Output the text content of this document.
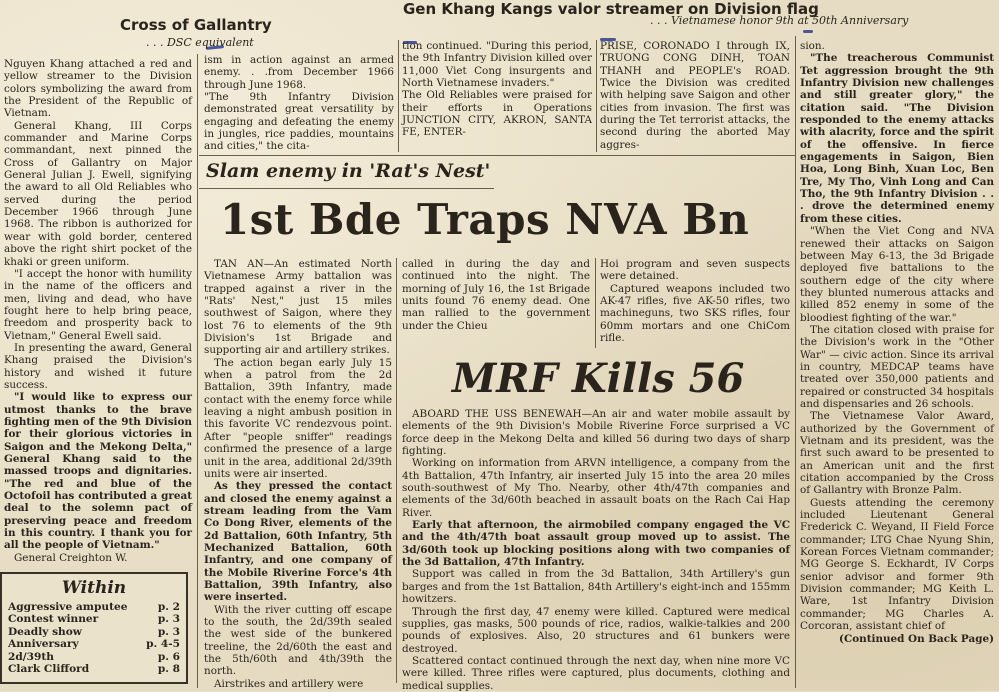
Cross of Gallantry
. . . DSC equivalent
Gen Khang Kangs valor streamer on Division flag
. . . Vietnamese honor 9th at 50th Anniversary

Nguyen Khang attached a red and yellow streamer to the Division colors symbolizing the award from the President of the Republic of Vietnam.

General Khang, III Corps commander and Marine Corps commandant, next pinned the Cross of Gallantry on Major General Julian J. Ewell, signifying the award to all Old Reliables who served during the period December 1966 through June 1968. The ribbon is authorized for wear with gold border, centered above the right shirt pocket of the khaki or green uniform.

"I accept the honor with humility in the name of the officers and men, living and dead, who have fought here to help bring peace, freedom and prosperity back to Vietnam," General Ewell said.

In presenting the award, General Khang praised the Division's history and wished it future success.

"I would like to express our utmost thanks to the brave fighting men of the 9th Division for their glorious victories in Saigon and the Mekong Delta," General Khang said to the massed troops and dignitaries. "The red and blue of the Octofoil has contributed a great deal to the solemn pact of preserving peace and freedom in this country. I thank you for all the people of Vietnam."

General Creighton W.

Within
Aggressive amputee	p. 2
Contest winner	p. 3
Deadly show	p. 3
Anniversary	p. 4-5
2d/39th	p. 6
Clark Clifford	p. 8

ism in action against an armed enemy. . .from December 1966 through June 1968.
"The 9th Infantry Division demonstrated great versatility by engaging and defeating the enemy in jungles, rice paddies, mountains and cities," the cita-

tion continued. "During this period, the 9th Infantry Division killed over 11,000 Viet Cong insurgents and North Vietnamese invaders."
The Old Reliables were praised for their efforts in Operations JUNCTION CITY, AKRON, SANTA FE, ENTER-

PRISE, CORONADO I through IX, TRUONG CONG DINH, TOAN THANH and PEOPLE's ROAD. Twice the Division was credited with helping save Saigon and other cities from invasion. The first was during the Tet terrorist attacks, the second during the aborted May aggres-

sion.

"The treacherous Communist Tet aggression brought the 9th Infantry Division new challenges and still greater glory," the citation said. "The Division responded to the enemy attacks with alacrity, force and the spirit of the offensive. In fierce engagements in Saigon, Bien Hoa, Long Binh, Xuan Loc, Ben Tre, My Tho, Vinh Long and Can Tho, the 9th Infantry Division . . . drove the determined enemy from these cities.

"When the Viet Cong and NVA renewed their attacks on Saigon between May 6-13, the 3d Brigade deployed five battalions to the southern edge of the city where they blunted numerous attacks and killed 852 enemy in some of the bloodiest fighting of the war."

The citation closed with praise for the Division's work in the "Other War" — civic action. Since its arrival in country, MEDCAP teams have treated over 350,000 patients and repaired or constructed 34 hospitals and dispensaries and 26 schools.

The Vietnamese Valor Award, authorized by the Government of Vietnam and its president, was the first such award to be presented to an American unit and the first citation accompanied by the Cross of Gallantry with Bronze Palm.

Guests attending the ceremony included Lieutenant General Frederick C. Weyand, II Field Force commander; LTG Chae Nyung Shin, Korean Forces Vietnam commander; MG George S. Eckhardt, IV Corps senior advisor and former 9th Division commander; MG Keith L. Ware, 1st Infantry Division commander; MG Charles A. Corcoran, assistant chief of

(Continued On Back Page)

Slam enemy in 'Rat's Nest'
1st Bde Traps NVA Bn

TAN AN—An estimated North Vietnamese Army battalion was trapped against a river in the "Rats' Nest," just 15 miles southwest of Saigon, where they lost 76 to elements of the 9th Division's 1st Brigade and supporting air and artillery strikes.

The action began early July 15 when a patrol from the 2d Battalion, 39th Infantry, made contact with the enemy force while leaving a night ambush position in this favorite VC rendezvous point. After "people sniffer" readings confirmed the presence of a large unit in the area, additional 2d/39th units were air inserted.

As they pressed the contact and closed the enemy against a stream leading from the Vam Co Dong River, elements of the 2d Battalion, 60th Infantry, 5th Mechanized Battalion, 60th Infantry, and one company of the Mobile Riverine Force's 4th Battalion, 39th Infantry, also were inserted.

With the river cutting off escape to the south, the 2d/39th sealed the west side of the bunkered treeline, the 2d/60th the east and the 5th/60th and 4th/39th the north.

Airstrikes and artillery were

called in during the day and continued into the night. The morning of July 16, the 1st Brigade units found 76 enemy dead. One man rallied to the government under the Chieu

Hoi program and seven suspects were detained.

Captured weapons included two AK-47 rifles, five AK-50 rifles, two machineguns, two SKS rifles, four 60mm mortars and one ChiCom rifle.

MRF Kills 56

ABOARD THE USS BENEWAH—An air and water mobile assault by elements of the 9th Division's Mobile Riverine Force surprised a VC force deep in the Mekong Delta and killed 56 during two days of sharp fighting.

Working on information from ARVN intelligence, a company from the 4th Battalion, 47th Infantry, air inserted July 15 into the area 20 miles south-southwest of My Tho. Nearby, other 4th/47th companies and elements of the 3d/60th beached in assault boats on the Rach Cai Hap River.

Early that afternoon, the airmobiled company engaged the VC and the 4th/47th boat assault group moved up to assist. The 3d/60th took up blocking positions along with two companies of the 3d Battalion, 47th Infantry.

Support was called in from the 3d Battalion, 34th Artillery's gun barges and from the 1st Battalion, 84th Artillery's eight-inch and 155mm howitzers.

Through the first day, 47 enemy were killed. Captured were medical supplies, gas masks, 500 pounds of rice, radios, walkie-talkies and 200 pounds of explosives. Also, 20 structures and 61 bunkers were destroyed.

Scattered contact continued through the next day, when nine more VC were killed. Three rifles were captured, plus documents, clothing and medical supplies.
